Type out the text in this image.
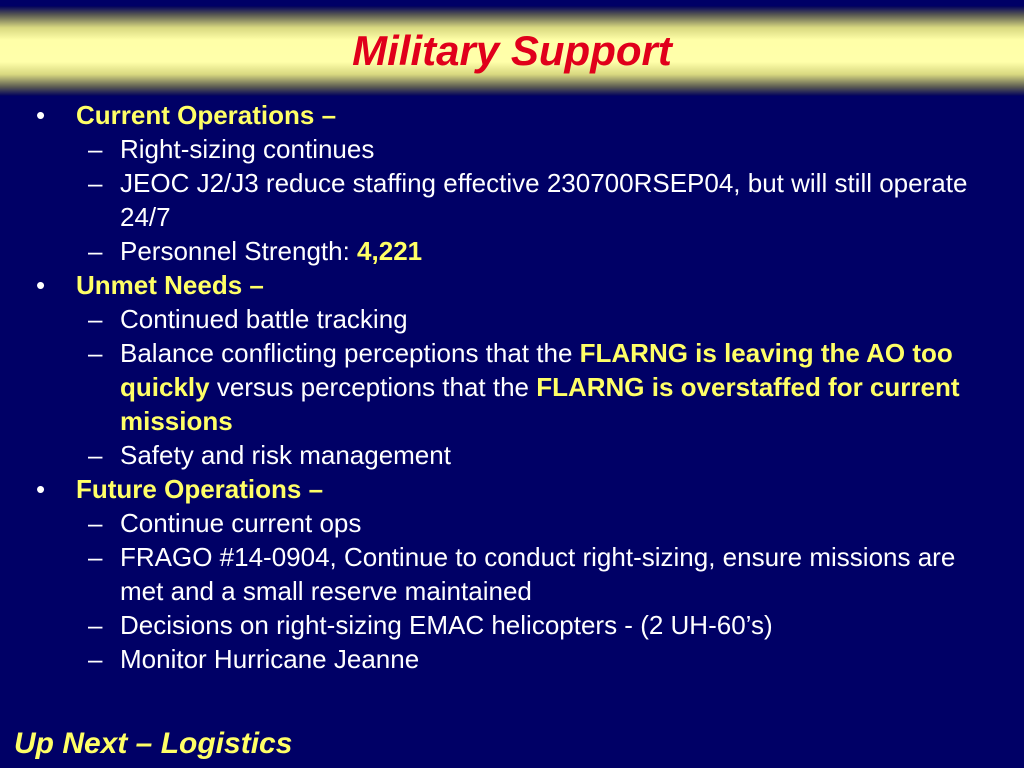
Military Support
• Current Operations –
– Right-sizing continues
– JEOC J2/J3 reduce staffing effective 230700RSEP04, but will still operate 24/7
– Personnel Strength: 4,221
• Unmet Needs –
– Continued battle tracking
– Balance conflicting perceptions that the FLARNG is leaving the AO too quickly versus perceptions that the FLARNG is overstaffed for current missions
– Safety and risk management
• Future Operations –
– Continue current ops
– FRAGO #14-0904, Continue to conduct right-sizing, ensure missions are met and a small reserve maintained
– Decisions on right-sizing EMAC helicopters - (2 UH-60’s)
– Monitor Hurricane Jeanne
Up Next – Logistics
